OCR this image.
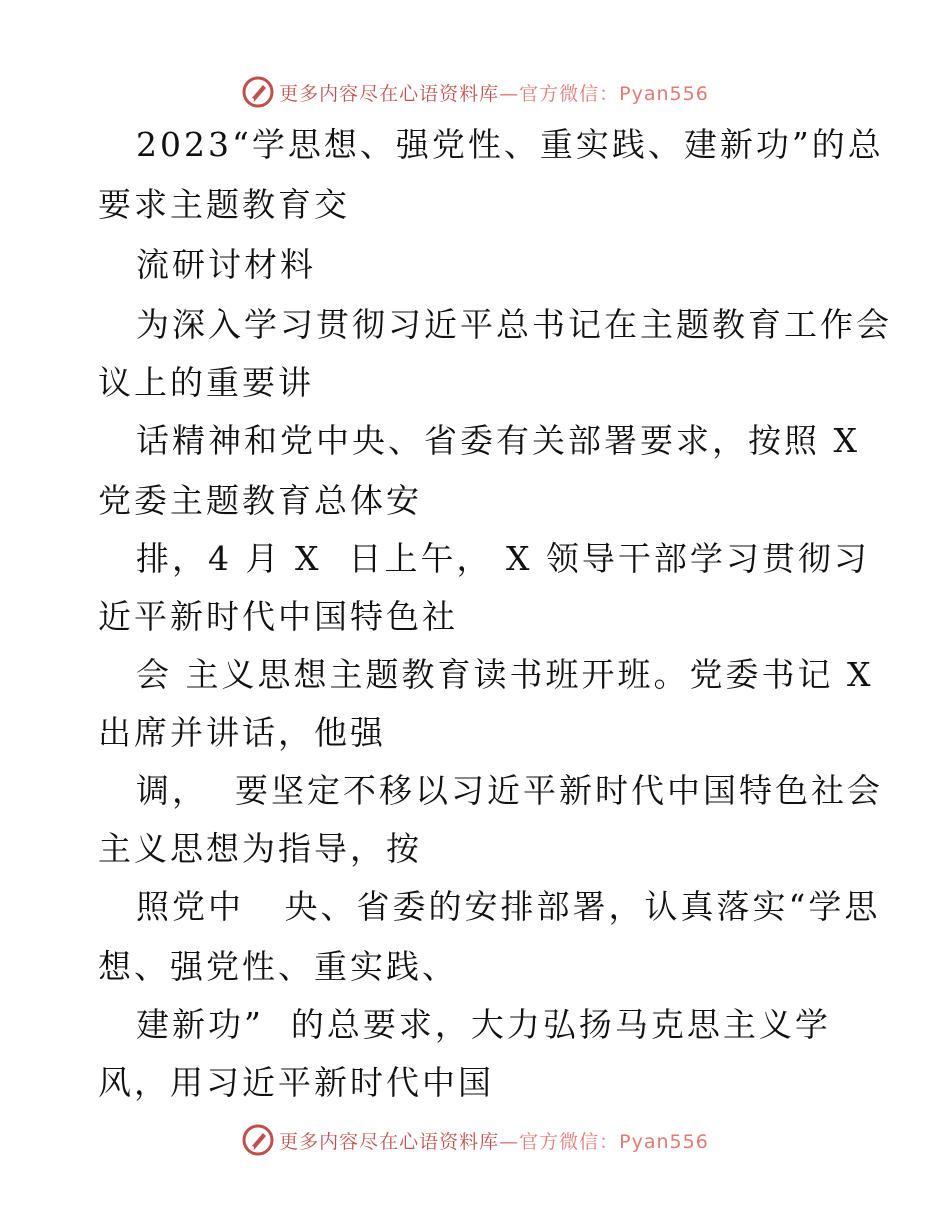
更多内容尽在心语资料库—官方微信：Pyan556
2023“学思想、强党性、重实践、建新功”的总
要求主题教育交
流研讨材料
为深入学习贯彻习近平总书记在主题教育工作会
议上的重要讲
话精神和党中央、省委有关部署要求，按照 X
党委主题教育总体安
排，4 月 X  日上午， X 领导干部学习贯彻习
近平新时代中国特色社
会 主义思想主题教育读书班开班。党委书记 X
出席并讲话，他强
调，  要坚定不移以习近平新时代中国特色社会
主义思想为指导，按
照党中   央、省委的安排部署，认真落实“学思
想、强党性、重实践、
建新功”  的总要求，大力弘扬马克思主义学
风，用习近平新时代中国
更多内容尽在心语资料库—官方微信：Pyan556
